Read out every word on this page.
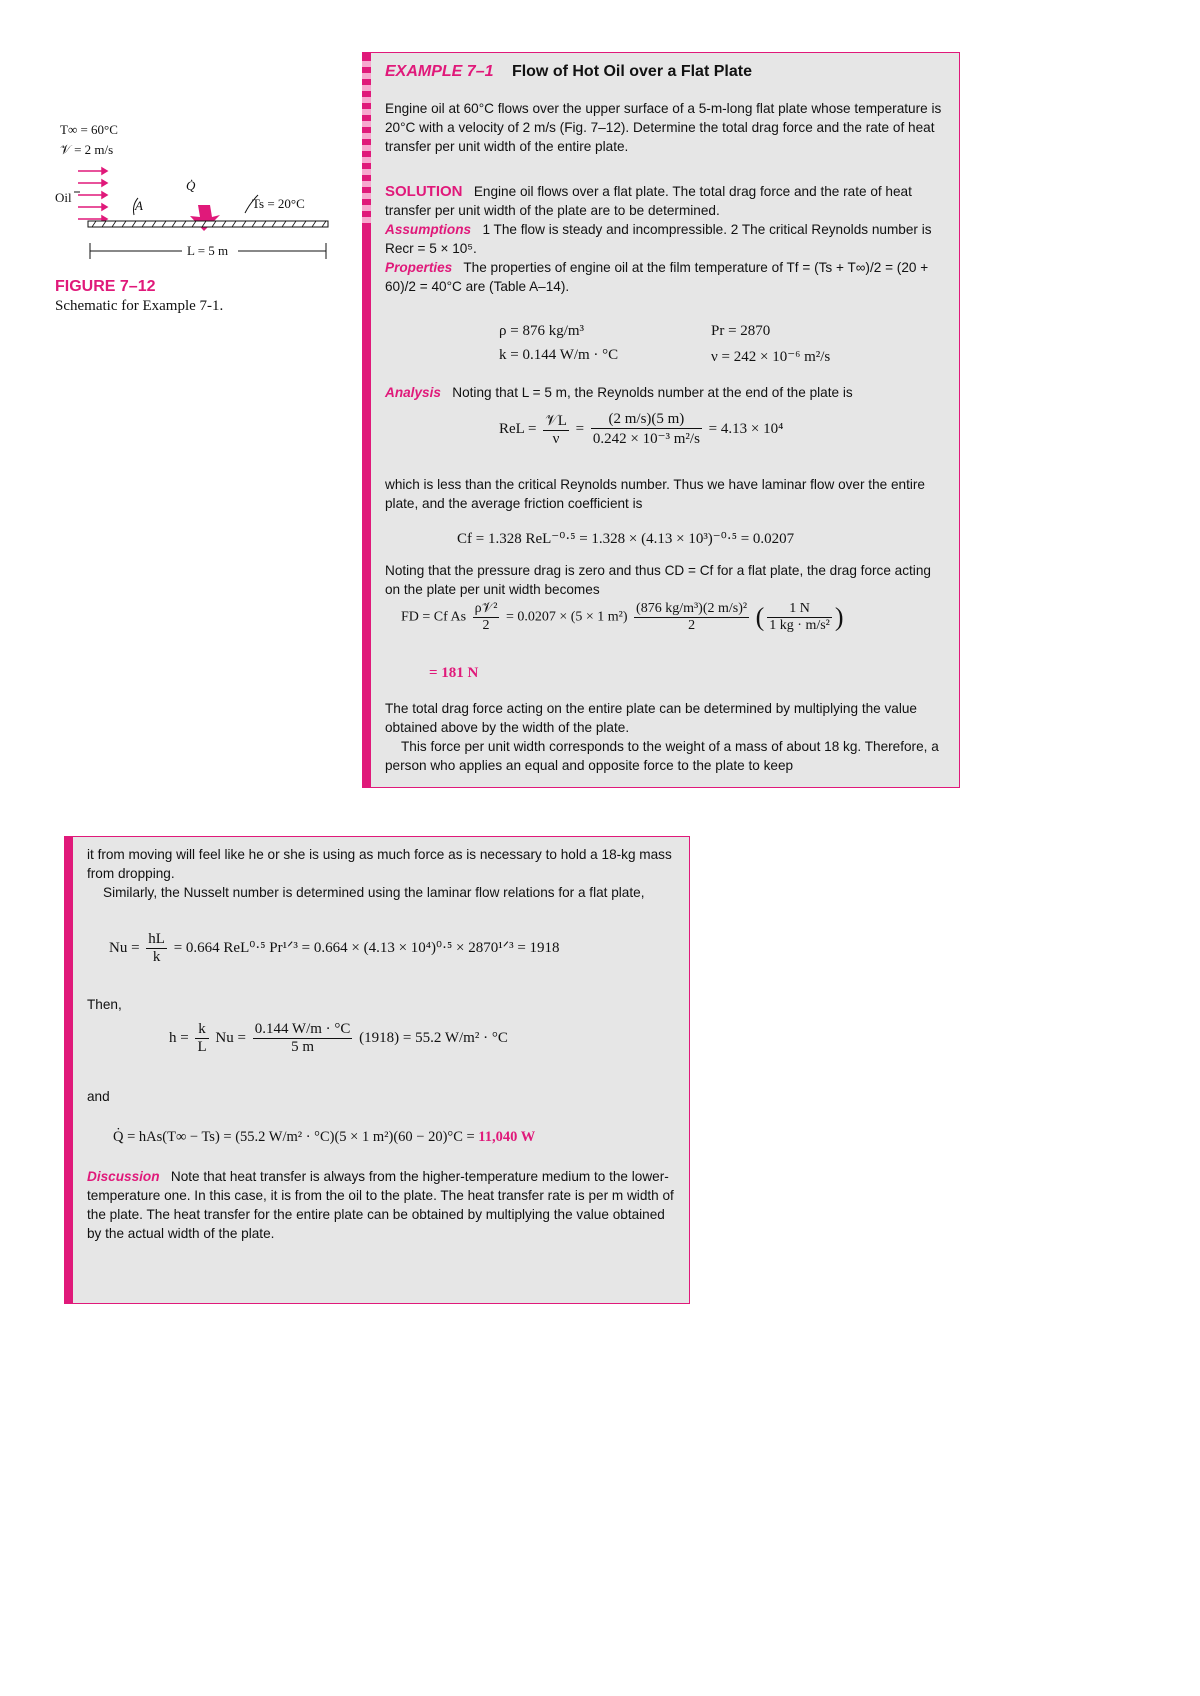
T∞ = 60°C
𝒱 = 2 m/s
Oil
Q̇
A	Ts = 20°C
L = 5 m
FIGURE 7–12
Schematic for Example 7-1.
EXAMPLE 7–1 Flow of Hot Oil over a Flat Plate

Engine oil at 60°C flows over the upper surface of a 5-m-long flat plate whose temperature is 20°C with a velocity of 2 m/s (Fig. 7–12). Determine the total drag force and the rate of heat transfer per unit width of the entire plate.

SOLUTION Engine oil flows over a flat plate. The total drag force and the rate of heat transfer per unit width of the plate are to be determined.

Assumptions 1 The flow is steady and incompressible. 2 The critical Reynolds number is Recr = 5 × 10⁵.

Properties The properties of engine oil at the film temperature of Tf = (Ts + T∞)/2 = (20 + 60)/2 = 40°C are (Table A–14).

ρ = 876 kg/m³	Pr = 2870
k = 0.144 W/m · °C	ν = 242 × 10⁻⁶ m²/s

Analysis Noting that L = 5 m, the Reynolds number at the end of the plate is

ReL = $\frac{\text{𝒱L}}{\nu} = \frac{(2 m/s)(5 m)}{\text{0.242 × 10⁻³ m²/s}} = 4.13 \times 10^4$

which is less than the critical Reynolds number. Thus we have laminar flow over the entire plate, and the average friction coefficient is

Cf = 1.328 ReL⁻⁰·⁵ = 1.328 × (4.13 × 10³)⁻⁰·⁵ = 0.0207

Noting that the pressure drag is zero and thus CD = Cf for a flat plate, the drag force acting on the plate per unit width becomes

FD = Cf As $\frac{\text{ρ𝒱²}}{2} = 0.0207 \times (5 \times 1$ $m^2) \frac{\text{(876 kg/m³)(2 m/s)²}}{2}$ ( $\frac{1 N}{\text{1 kg · m/s²}}$ )
= 181 N

The total drag force acting on the entire plate can be determined by multiplying the value obtained above by the width of the plate.

This force per unit width corresponds to the weight of a mass of about 18 kg. Therefore, a person who applies an equal and opposite force to the plate to keep

it from moving will feel like he or she is using as much force as is necessary to hold a 18-kg mass from dropping.

Similarly, the Nusselt number is determined using the laminar flow relations for a flat plate,

$Nu = \frac{hL}{k} = 0.664$ ReL⁰·⁵ Pr¹ᐟ³ = 0.664 × (4.13 × 10⁴)⁰·⁵ × 2870¹ᐟ³ = 1918

Then,

$h = \frac{k}{L}$ $Nu = \frac{0.144 W/m \cdot ^\circ C}{5 m} (1918) = 55.2$ W/m² · °C

and

Q̇ = hAs(T∞ − Ts) = (55.2 W/m² · °C)(5 × 1 m²)(60 − 20)°C = 11,040 W

Discussion Note that heat transfer is always from the higher-temperature medium to the lower-temperature one. In this case, it is from the oil to the plate. The heat transfer rate is per m width of the plate. The heat transfer for the entire plate can be obtained by multiplying the value obtained by the actual width of the plate.
